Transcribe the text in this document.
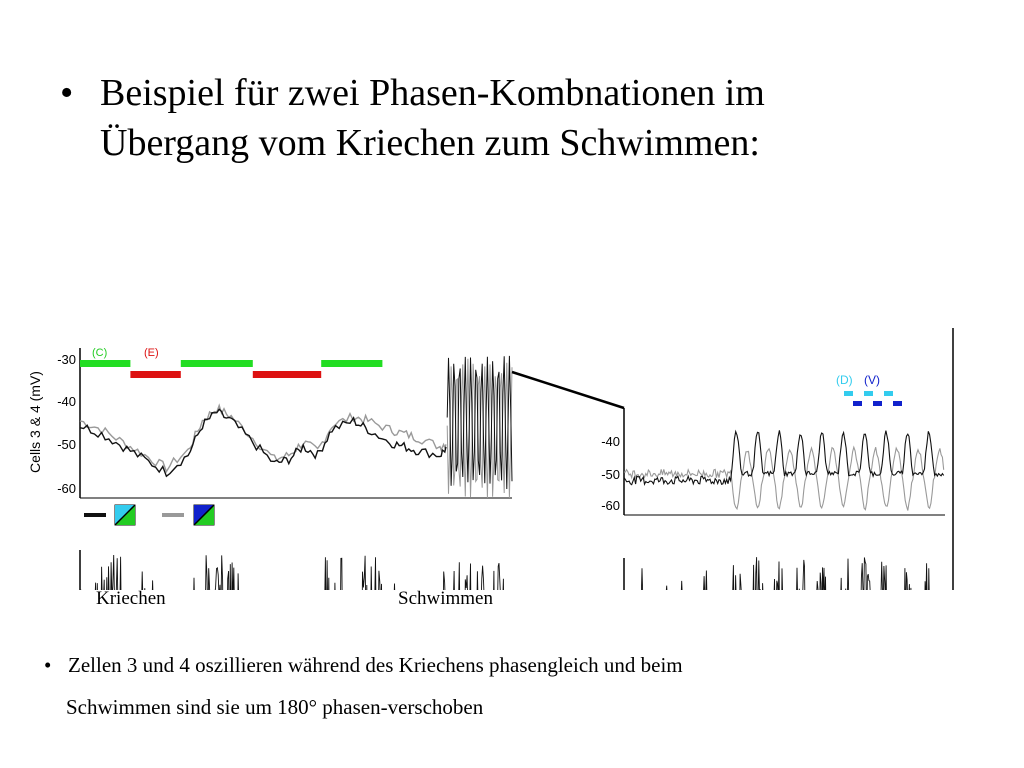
• Beispiel für zwei Phasen-Kombnationen im
Übergang vom Kriechen zum Schwimmen:
Cells 3 & 4 (mV)
-30
-40
-50
-60
(C)	(E)
-40
-50
-60
(D) (V)
Kriechen	Schwimmen
• Zellen 3 und 4 oszillieren während des Kriechens phasengleich und beim
Schwimmen sind sie um 180° phasen-verschoben
